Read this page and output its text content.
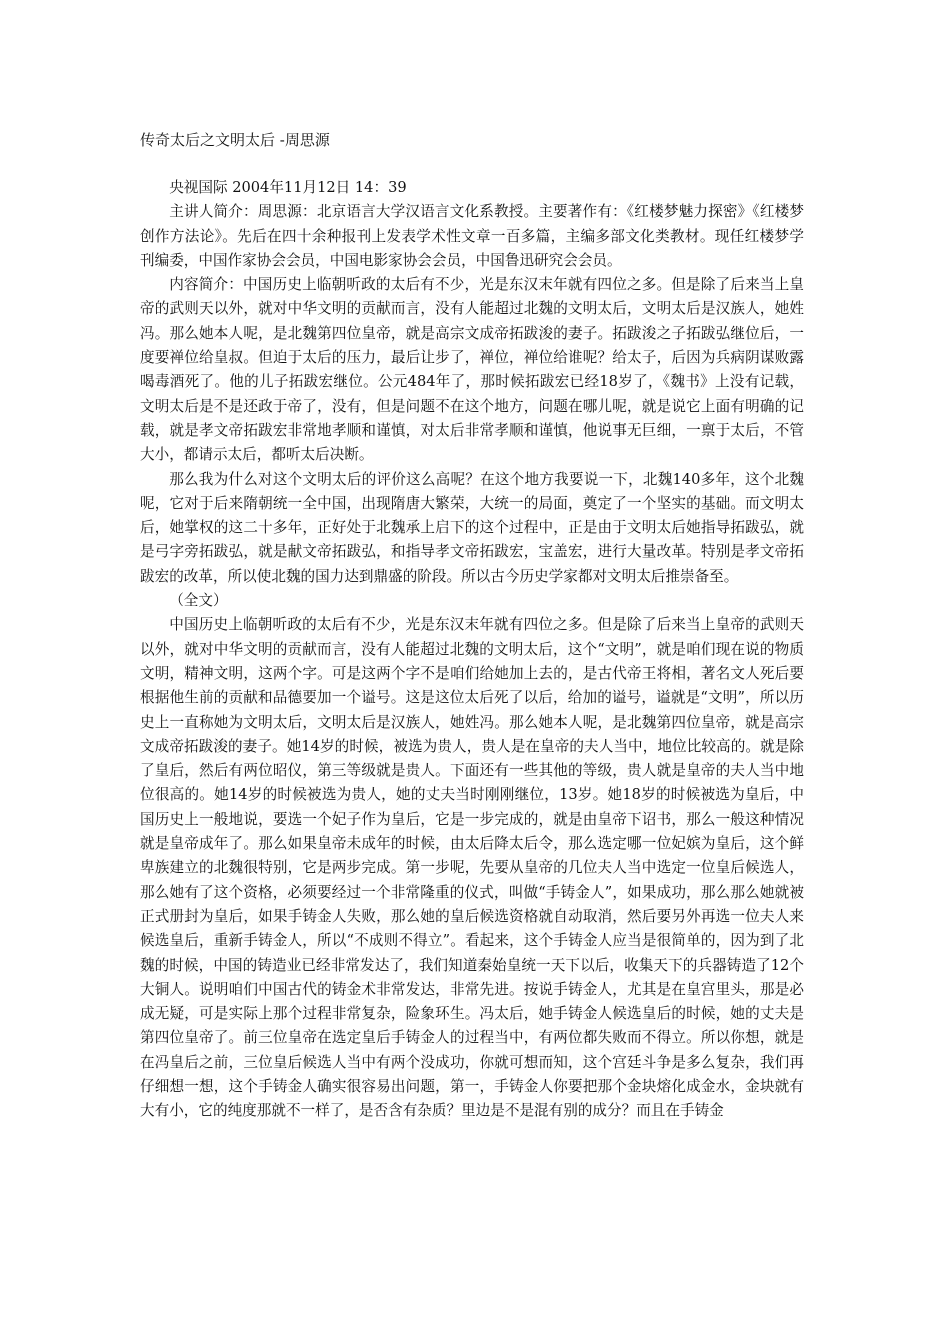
传奇太后之文明太后 -周思源

央视国际 2004年11月12日 14：39

主讲人简介：周思源：北京语言大学汉语言文化系教授。主要著作有：《红楼梦魅力探密》《红楼梦创作方法论》。先后在四十余种报刊上发表学术性文章一百多篇，主编多部文化类教材。现任红楼梦学刊编委，中国作家协会会员，中国电影家协会会员，中国鲁迅研究会会员。

内容简介：中国历史上临朝听政的太后有不少，光是东汉末年就有四位之多。但是除了后来当上皇帝的武则天以外，就对中华文明的贡献而言，没有人能超过北魏的文明太后，文明太后是汉族人，她姓冯。那么她本人呢，是北魏第四位皇帝，就是高宗文成帝拓跋浚的妻子。拓跋浚之子拓跋弘继位后，一度要禅位给皇叔。但迫于太后的压力，最后让步了，禅位，禅位给谁呢？给太子，后因为兵病阴谋败露喝毒酒死了。他的儿子拓跋宏继位。公元484年了，那时候拓跋宏已经18岁了，《魏书》上没有记载，文明太后是不是还政于帝了，没有，但是问题不在这个地方，问题在哪儿呢，就是说它上面有明确的记载，就是孝文帝拓跋宏非常地孝顺和谨慎，对太后非常孝顺和谨慎，他说事无巨细，一禀于太后，不管大小，都请示太后，都听太后决断。

那么我为什么对这个文明太后的评价这么高呢？在这个地方我要说一下，北魏140多年，这个北魏呢，它对于后来隋朝统一全中国，出现隋唐大繁荣，大统一的局面，奠定了一个坚实的基础。而文明太后，她掌权的这二十多年，正好处于北魏承上启下的这个过程中，正是由于文明太后她指导拓跋弘，就是弓字旁拓跋弘，就是献文帝拓跋弘，和指导孝文帝拓跋宏，宝盖宏，进行大量改革。特别是孝文帝拓跋宏的改革，所以使北魏的国力达到鼎盛的阶段。所以古今历史学家都对文明太后推崇备至。

（全文）

中国历史上临朝听政的太后有不少，光是东汉末年就有四位之多。但是除了后来当上皇帝的武则天以外，就对中华文明的贡献而言，没有人能超过北魏的文明太后，这个“文明”，就是咱们现在说的物质文明，精神文明，这两个字。可是这两个字不是咱们给她加上去的，是古代帝王将相，著名文人死后要根据他生前的贡献和品德要加一个谥号。这是这位太后死了以后，给加的谥号，谥就是“文明”，所以历史上一直称她为文明太后，文明太后是汉族人，她姓冯。那么她本人呢，是北魏第四位皇帝，就是高宗文成帝拓跋浚的妻子。她14岁的时候，被选为贵人，贵人是在皇帝的夫人当中，地位比较高的。就是除了皇后，然后有两位昭仪，第三等级就是贵人。下面还有一些其他的等级，贵人就是皇帝的夫人当中地位很高的。她14岁的时候被选为贵人，她的丈夫当时刚刚继位，13岁。她18岁的时候被选为皇后，中国历史上一般地说，要选一个妃子作为皇后，它是一步完成的，就是由皇帝下诏书，那么一般这种情况就是皇帝成年了。那么如果皇帝未成年的时候，由太后降太后令，那么选定哪一位妃嫔为皇后，这个鲜卑族建立的北魏很特别，它是两步完成。第一步呢，先要从皇帝的几位夫人当中选定一位皇后候选人，那么她有了这个资格，必须要经过一个非常隆重的仪式，叫做“手铸金人”，如果成功，那么那么她就被正式册封为皇后，如果手铸金人失败，那么她的皇后候选资格就自动取消，然后要另外再选一位夫人来候选皇后，重新手铸金人，所以“不成则不得立”。看起来，这个手铸金人应当是很简单的，因为到了北魏的时候，中国的铸造业已经非常发达了，我们知道秦始皇统一天下以后，收集天下的兵器铸造了12个大铜人。说明咱们中国古代的铸金术非常发达，非常先进。按说手铸金人，尤其是在皇宫里头，那是必成无疑，可是实际上那个过程非常复杂，险象环生。冯太后，她手铸金人候选皇后的时候，她的丈夫是第四位皇帝了。前三位皇帝在选定皇后手铸金人的过程当中，有两位都失败而不得立。所以你想，就是在冯皇后之前，三位皇后候选人当中有两个没成功，你就可想而知，这个宫廷斗争是多么复杂，我们再仔细想一想，这个手铸金人确实很容易出问题，第一，手铸金人你要把那个金块熔化成金水，金块就有大有小，它的纯度那就不一样了，是否含有杂质？里边是不是混有别的成分？而且在手铸金
